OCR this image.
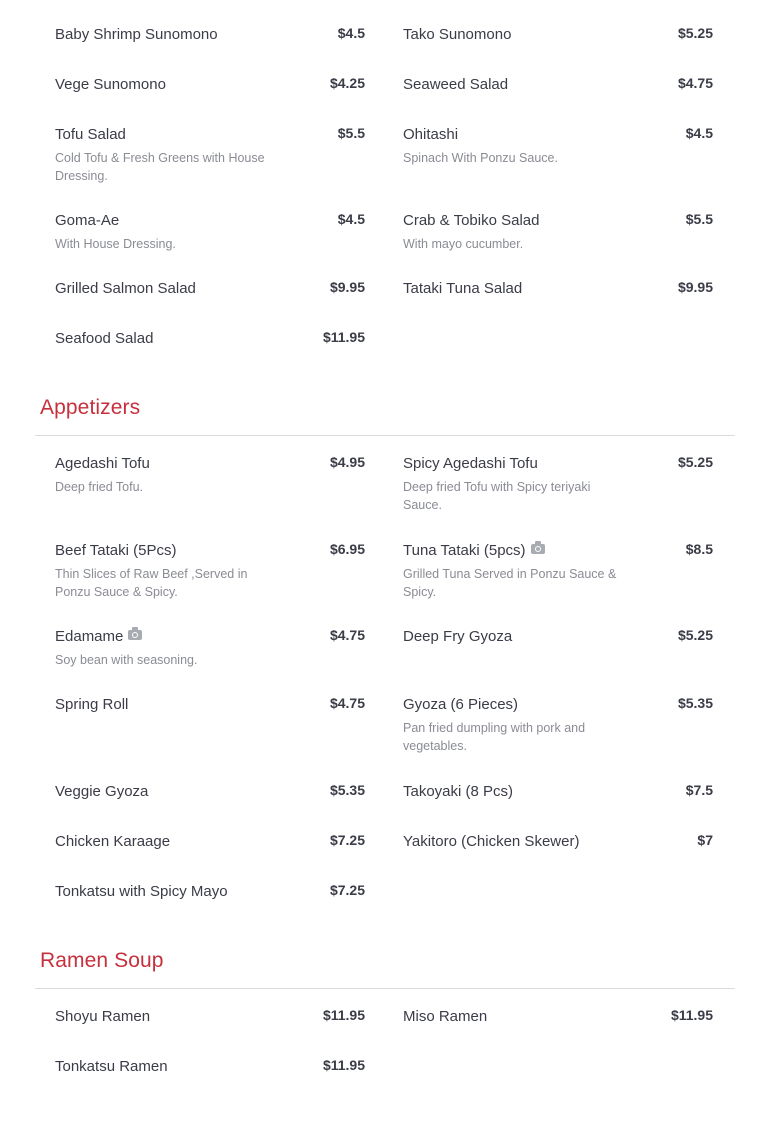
Baby Shrimp Sunomono	$4.5	Tako Sunomono	$5.25
Vege Sunomono	$4.25	Seaweed Salad	$4.75
Tofu Salad	$5.5
Cold Tofu & Fresh Greens with House Dressing.
Ohitashi	$4.5
Spinach With Ponzu Sauce.
Goma-Ae	$4.5
With House Dressing.
Crab & Tobiko Salad	$5.5
With mayo cucumber.
Grilled Salmon Salad	$9.95	Tataki Tuna Salad	$9.95
Seafood Salad	$11.95
Appetizers
Agedashi Tofu	$4.95
Deep fried Tofu.
Spicy Agedashi Tofu	$5.25
Deep fried Tofu with Spicy teriyaki Sauce.
Beef Tataki (5Pcs)	$6.95
Thin Slices of Raw Beef ,Served in Ponzu Sauce & Spicy.
Tuna Tataki (5pcs)	$8.5
Grilled Tuna Served in Ponzu Sauce & Spicy.
Edamame	$4.75
Soy bean with seasoning.
Deep Fry Gyoza	$5.25
Spring Roll	$4.75	Gyoza (6 Pieces)	$5.35
Pan fried dumpling with pork and vegetables.
Veggie Gyoza	$5.35	Takoyaki (8 Pcs)	$7.5
Chicken Karaage	$7.25	Yakitoro (Chicken Skewer)	$7
Tonkatsu with Spicy Mayo	$7.25
Ramen Soup
Shoyu Ramen	$11.95	Miso Ramen	$11.95
Tonkatsu Ramen	$11.95
